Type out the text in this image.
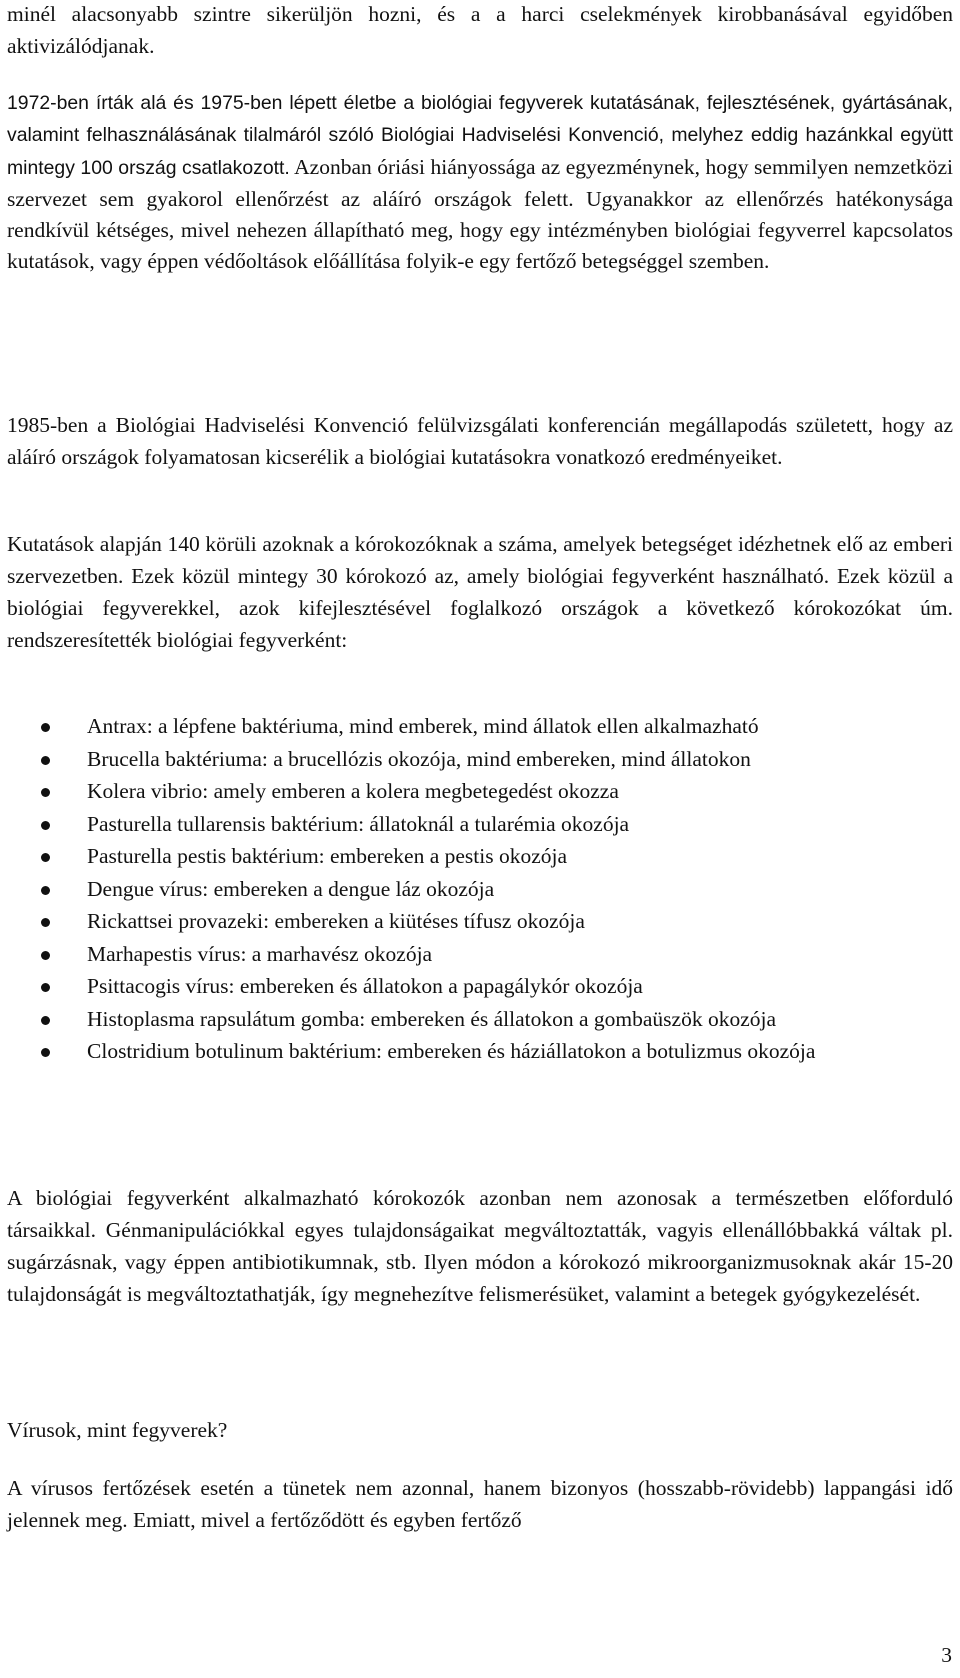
minél alacsonyabb szintre sikerüljön hozni, és a a harci cselekmények kirobbanásával egyidőben aktivizálódjanak.

1972-ben írták alá és 1975-ben lépett életbe a biológiai fegyverek kutatásának, fejlesztésének, gyártásának, valamint felhasználásának tilalmáról szóló Biológiai Hadviselési Konvenció, melyhez eddig hazánkkal együtt mintegy 100 ország csatlakozott. Azonban óriási hiányossága az egyezménynek, hogy semmilyen nemzetközi szervezet sem gyakorol ellenőrzést az aláíró országok felett. Ugyanakkor az ellenőrzés hatékonysága rendkívül kétséges, mivel nehezen állapítható meg, hogy egy intézményben biológiai fegyverrel kapcsolatos kutatások, vagy éppen védőoltások előállítása folyik-e egy fertőző betegséggel szemben.

1985-ben a Biológiai Hadviselési Konvenció felülvizsgálati konferencián megállapodás született, hogy az aláíró országok folyamatosan kicserélik a biológiai kutatásokra vonatkozó eredményeiket.

Kutatások alapján 140 körüli azoknak a kórokozóknak a száma, amelyek betegséget idézhetnek elő az emberi szervezetben. Ezek közül mintegy 30 kórokozó az, amely biológiai fegyverként használható. Ezek közül a biológiai fegyverekkel, azok kifejlesztésével foglalkozó országok a következő kórokozókat úm. rendszeresítették biológiai fegyverként:

Antrax: a lépfene baktériuma, mind emberek, mind állatok ellen alkalmazható
Brucella baktériuma: a brucellózis okozója, mind embereken, mind állatokon
Kolera vibrio: amely emberen a kolera megbetegedést okozza
Pasturella tullarensis baktérium: állatoknál a tularémia okozója
Pasturella pestis baktérium: embereken a pestis okozója
Dengue vírus: embereken a dengue láz okozója
Rickattsei provazeki: embereken a kiütéses tífusz okozója
Marhapestis vírus: a marhavész okozója
Psittacogis vírus: embereken és állatokon a papagálykór okozója
Histoplasma rapsulátum gomba: embereken és állatokon a gombaüszök okozója
Clostridium botulinum baktérium: embereken és háziállatokon a botulizmus okozója

A biológiai fegyverként alkalmazható kórokozók azonban nem azonosak a természetben előforduló társaikkal. Génmanipulációkkal egyes tulajdonságaikat megváltoztatták, vagyis ellenállóbbakká váltak pl. sugárzásnak, vagy éppen antibiotikumnak, stb. Ilyen módon a kórokozó mikroorganizmusoknak akár 15-20 tulajdonságát is megváltoztathatják, így megnehezítve felismerésüket, valamint a betegek gyógykezelését.

Vírusok, mint fegyverek?

A vírusos fertőzések esetén a tünetek nem azonnal, hanem bizonyos (hosszabb-rövidebb) lappangási idő jelennek meg. Emiatt, mivel a fertőződött és egyben fertőző

3
